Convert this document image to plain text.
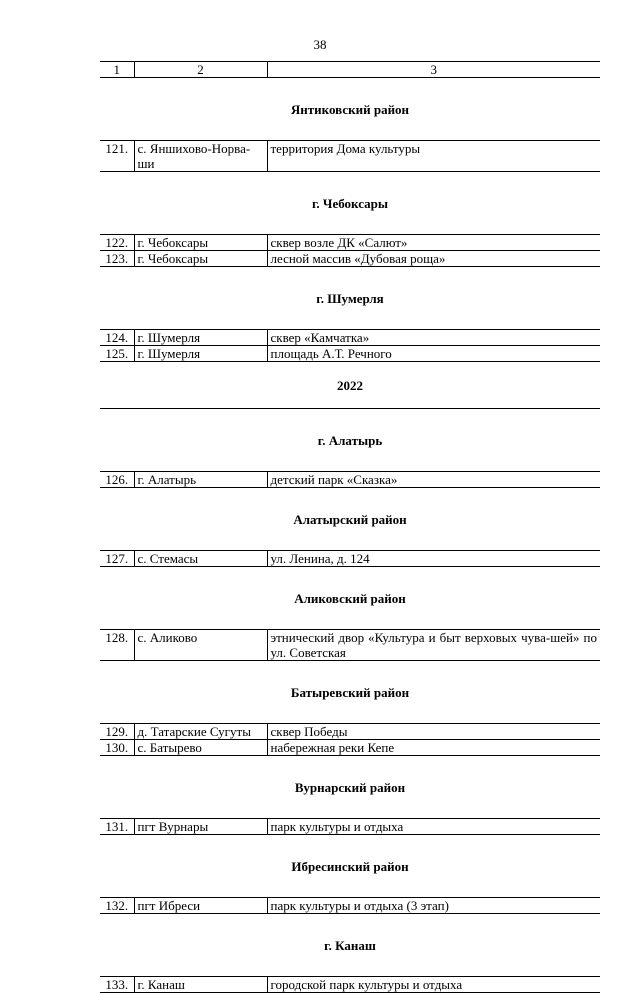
38
1	2	3
Янтиковский район		
121.	с. Яншихово-Норва-ши	территория Дома культуры
г. Чебоксары		
122.	г. Чебоксары	сквер возле ДК «Салют»
123.	г. Чебоксары	лесной массив «Дубовая роща»
г. Шумерля		
124.	г. Шумерля	сквер «Камчатка»
125.	г. Шумерля	площадь А.Т. Речного
2022		
г. Алатырь		
126.	г. Алатырь	детский парк «Сказка»
Алатырский район		
127.	с. Стемасы	ул. Ленина, д. 124
Аликовский район		
128.	с. Аликово	этнический двор «Культура и быт верховых чува-шей» по ул. Советская
Батыревский район		
129.	д. Татарские Сугуты	сквер Победы
130.	с. Батырево	набережная реки Кепе
Вурнарский район		
131.	пгт Вурнары	парк культуры и отдыха
Ибресинский район		
132.	пгт Ибреси	парк культуры и отдыха (3 этап)
г. Канаш		
133.	г. Канаш	городской парк культуры и отдыха
